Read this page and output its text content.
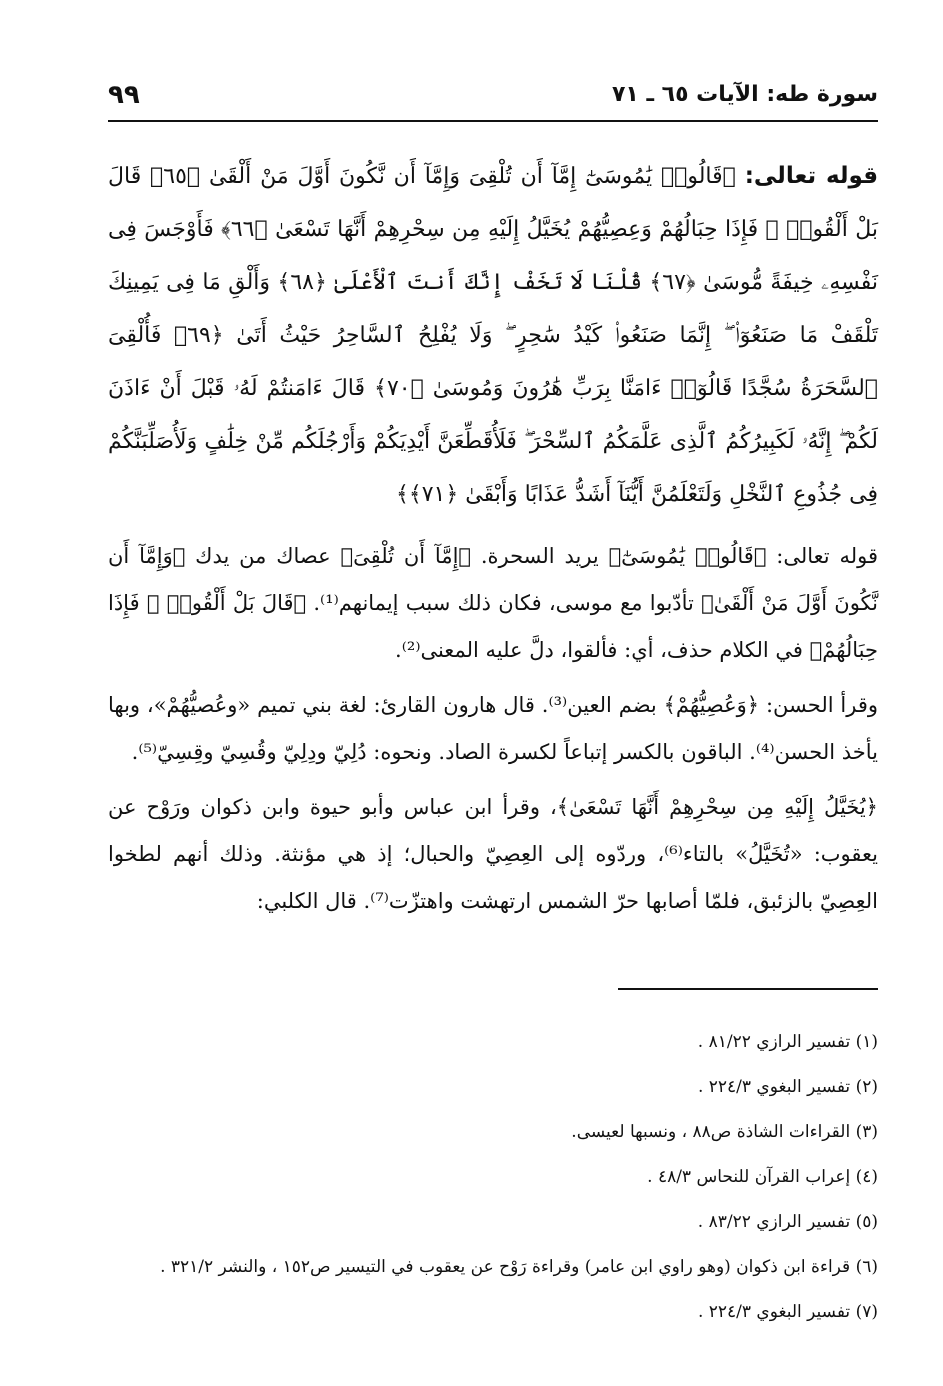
سورة طه: الآيات ٦٥ ـ ٧١
٩٩

قوله تعالى: ﴿قَالُوا۟ يَٰمُوسَىٰٓ إِمَّآ أَن تُلْقِىَ وَإِمَّآ أَن نَّكُونَ أَوَّلَ مَنْ أَلْقَىٰ ﴿٦٥﴾ قَالَ بَلْ أَلْقُوا۟ ۖ فَإِذَا حِبَالُهُمْ وَعِصِيُّهُمْ يُخَيَّلُ إِلَيْهِ مِن سِحْرِهِمْ أَنَّهَا تَسْعَىٰ ﴿٦٦﴾ فَأَوْجَسَ فِى نَفْسِهِۦ خِيفَةً مُّوسَىٰ ﴿٦٧﴾ قُلْنَا لَا تَخَفْ إِنَّكَ أَنتَ ٱلْأَعْلَىٰ ﴿٦٨﴾ وَأَلْقِ مَا فِى يَمِينِكَ تَلْقَفْ مَا صَنَعُوٓا۟ ۖ إِنَّمَا صَنَعُوا۟ كَيْدُ سَٰحِرٍ ۖ وَلَا يُفْلِحُ ٱلسَّاحِرُ حَيْثُ أَتَىٰ ﴿٦٩﴾ فَأُلْقِىَ ٱلسَّحَرَةُ سُجَّدًا قَالُوٓا۟ ءَامَنَّا بِرَبِّ هَٰرُونَ وَمُوسَىٰ ﴿٧٠﴾ قَالَ ءَامَنتُمْ لَهُۥ قَبْلَ أَنْ ءَاذَنَ لَكُمْ ۖ إِنَّهُۥ لَكَبِيرُكُمُ ٱلَّذِى عَلَّمَكُمُ ٱلسِّحْرَ ۖ فَلَأُقَطِّعَنَّ أَيْدِيَكُمْ وَأَرْجُلَكُم مِّنْ خِلَٰفٍ وَلَأُصَلِّبَنَّكُمْ فِى جُذُوعِ ٱلنَّخْلِ وَلَتَعْلَمُنَّ أَيُّنَآ أَشَدُّ عَذَابًا وَأَبْقَىٰ ﴿٧١﴾﴾

قوله تعالى: ﴿قَالُوا۟ يَٰمُوسَىٰٓ﴾ يريد السحرة. ﴿إِمَّآ أَن تُلْقِىَ﴾ عصاك من يدك ﴿وَإِمَّآ أَن نَّكُونَ أَوَّلَ مَنْ أَلْقَىٰ﴾ تأدّبوا مع موسى، فكان ذلك سبب إيمانهم⁽¹⁾. ﴿قَالَ بَلْ أَلْقُوا۟ ۖ فَإِذَا حِبَالُهُمْ﴾ في الكلام حذف، أي: فألقوا، دلَّ عليه المعنى⁽²⁾.

وقرأ الحسن: ﴿وَعُصِيُّهُمْ﴾ بضم العين⁽³⁾. قال هارون القارئ: لغة بني تميم «وعُصيُّهُمْ»، وبها يأخذ الحسن⁽⁴⁾. الباقون بالكسر إتباعاً لكسرة الصاد. ونحوه: دُلِيّ ودِلِيّ وقُسِيّ وقِسِيّ⁽⁵⁾.

﴿يُخَيَّلُ إِلَيْهِ مِن سِحْرِهِمْ أَنَّهَا تَسْعَىٰ﴾، وقرأ ابن عباس وأبو حيوة وابن ذكوان ورَوْح عن يعقوب: «تُخَيَّلُ» بالتاء⁽⁶⁾، وردّوه إلى العِصِيّ والحبال؛ إذ هي مؤنثة. وذلك أنهم لطخوا العِصِيّ بالزئبق، فلمّا أصابها حرّ الشمس ارتهشت واهتزّت⁽⁷⁾. قال الكلبي:

(١) تفسير الرازي ٨١/٢٢ .
(٢) تفسير البغوي ٢٢٤/٣ .
(٣) القراءات الشاذة ص٨٨ ، ونسبها لعيسى.
(٤) إعراب القرآن للنحاس ٤٨/٣ .
(٥) تفسير الرازي ٨٣/٢٢ .
(٦) قراءة ابن ذكوان (وهو راوي ابن عامر) وقراءة رَوْح عن يعقوب في التيسير ص١٥٢ ، والنشر ٣٢١/٢ .
(٧) تفسير البغوي ٢٢٤/٣ .
